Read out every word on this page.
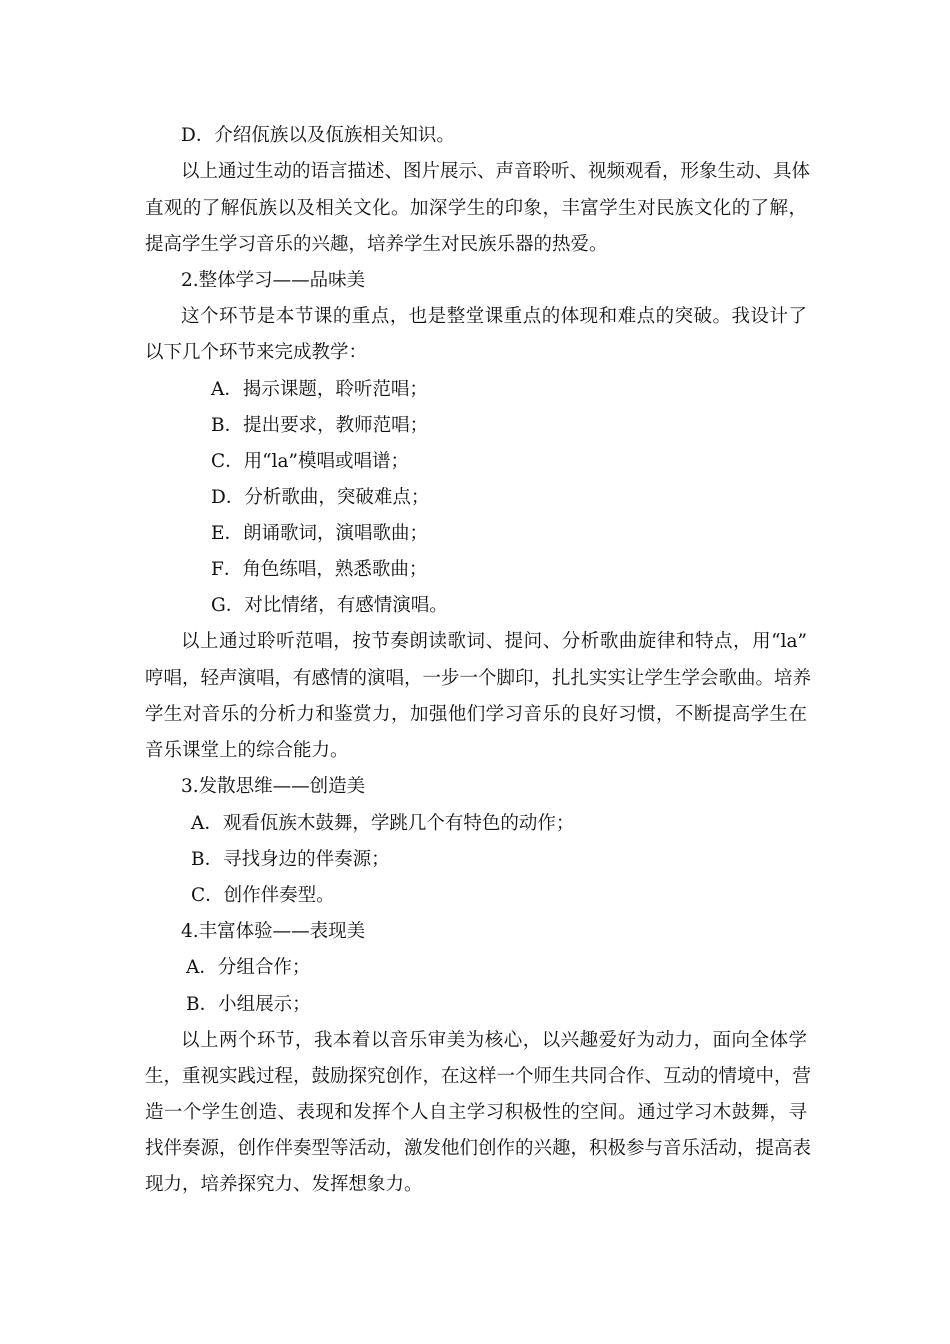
D．介绍佤族以及佤族相关知识。
以上通过生动的语言描述、图片展示、声音聆听、视频观看，形象生动、具体
直观的了解佤族以及相关文化。加深学生的印象，丰富学生对民族文化的了解，
提高学生学习音乐的兴趣，培养学生对民族乐器的热爱。
2.整体学习——品味美
这个环节是本节课的重点，也是整堂课重点的体现和难点的突破。我设计了
以下几个环节来完成教学：
A．揭示课题，聆听范唱；
B．提出要求，教师范唱；
C．用“la”模唱或唱谱；
D．分析歌曲，突破难点；
E．朗诵歌词，演唱歌曲；
F．角色练唱，熟悉歌曲；
G．对比情绪，有感情演唱。
以上通过聆听范唱，按节奏朗读歌词、提问、分析歌曲旋律和特点，用“la”
哼唱，轻声演唱，有感情的演唱，一步一个脚印，扎扎实实让学生学会歌曲。培养
学生对音乐的分析力和鉴赏力，加强他们学习音乐的良好习惯，不断提高学生在
音乐课堂上的综合能力。
3.发散思维——创造美
A．观看佤族木鼓舞，学跳几个有特色的动作；
B．寻找身边的伴奏源；
C．创作伴奏型。
4.丰富体验——表现美
A．分组合作；
B．小组展示；
以上两个环节，我本着以音乐审美为核心，以兴趣爱好为动力，面向全体学
生，重视实践过程，鼓励探究创作，在这样一个师生共同合作、互动的情境中，营
造一个学生创造、表现和发挥个人自主学习积极性的空间。通过学习木鼓舞，寻
找伴奏源，创作伴奏型等活动，激发他们创作的兴趣，积极参与音乐活动，提高表
现力，培养探究力、发挥想象力。
